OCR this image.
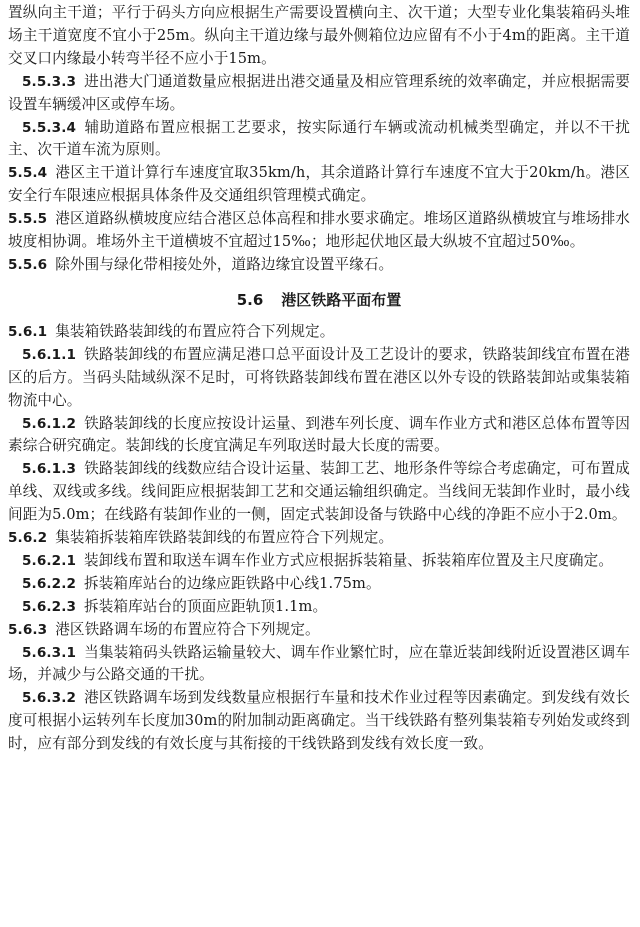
置纵向主干道；平行于码头方向应根据生产需要设置横向主、次干道；大型专业化集装箱码头堆场主干道宽度不宜小于25m。纵向主干道边缘与最外侧箱位边应留有不小于4m的距离。主干道交叉口内缘最小转弯半径不应小于15m。

5.5.3.3 进出港大门通道数量应根据进出港交通量及相应管理系统的效率确定，并应根据需要设置车辆缓冲区或停车场。

5.5.3.4 辅助道路布置应根据工艺要求，按实际通行车辆或流动机械类型确定，并以不干扰主、次干道车流为原则。

5.5.4 港区主干道计算行车速度宜取35km/h，其余道路计算行车速度不宜大于20km/h。港区安全行车限速应根据具体条件及交通组织管理模式确定。

5.5.5 港区道路纵横坡度应结合港区总体高程和排水要求确定。堆场区道路纵横坡宜与堆场排水坡度相协调。堆场外主干道横坡不宜超过15‰；地形起伏地区最大纵坡不宜超过50‰。

5.5.6 除外围与绿化带相接处外，道路边缘宜设置平缘石。

5.6 港区铁路平面布置

5.6.1 集装箱铁路装卸线的布置应符合下列规定。

5.6.1.1 铁路装卸线的布置应满足港口总平面设计及工艺设计的要求，铁路装卸线宜布置在港区的后方。当码头陆域纵深不足时，可将铁路装卸线布置在港区以外专设的铁路装卸站或集装箱物流中心。

5.6.1.2 铁路装卸线的长度应按设计运量、到港车列长度、调车作业方式和港区总体布置等因素综合研究确定。装卸线的长度宜满足车列取送时最大长度的需要。

5.6.1.3 铁路装卸线的线数应结合设计运量、装卸工艺、地形条件等综合考虑确定，可布置成单线、双线或多线。线间距应根据装卸工艺和交通运输组织确定。当线间无装卸作业时，最小线间距为5.0m；在线路有装卸作业的一侧，固定式装卸设备与铁路中心线的净距不应小于2.0m。

5.6.2 集装箱拆装箱库铁路装卸线的布置应符合下列规定。

5.6.2.1 装卸线布置和取送车调车作业方式应根据拆装箱量、拆装箱库位置及主尺度确定。

5.6.2.2 拆装箱库站台的边缘应距铁路中心线1.75m。

5.6.2.3 拆装箱库站台的顶面应距轨顶1.1m。

5.6.3 港区铁路调车场的布置应符合下列规定。

5.6.3.1 当集装箱码头铁路运输量较大、调车作业繁忙时，应在靠近装卸线附近设置港区调车场，并减少与公路交通的干扰。

5.6.3.2 港区铁路调车场到发线数量应根据行车量和技术作业过程等因素确定。到发线有效长度可根据小运转列车长度加30m的附加制动距离确定。当干线铁路有整列集装箱专列始发或终到时，应有部分到发线的有效长度与其衔接的干线铁路到发线有效长度一致。
